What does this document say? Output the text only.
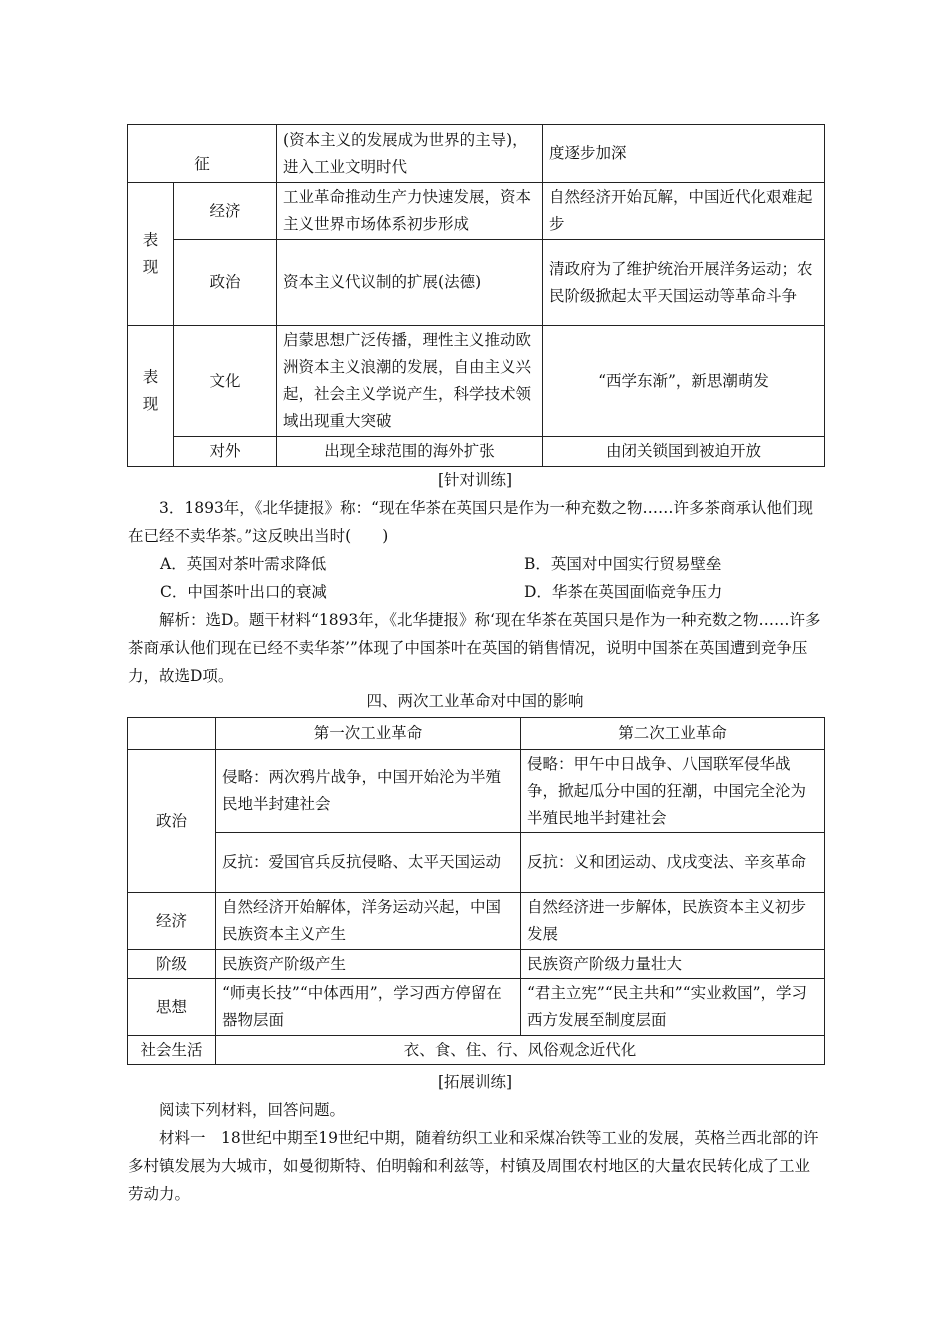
征		(资本主义的发展成为世界的主导)，进入工业文明时代	度逐步加深
表现	经济	工业革命推动生产力快速发展，资本主义世界市场体系初步形成	自然经济开始瓦解，中国近代化艰难起步
	政治	资本主义代议制的扩展(法德)	清政府为了维护统治开展洋务运动；农民阶级掀起太平天国运动等革命斗争
表现	文化	启蒙思想广泛传播，理性主义推动欧洲资本主义浪潮的发展，自由主义兴起，社会主义学说产生，科学技术领域出现重大突破	“西学东渐”，新思潮萌发
	对外	出现全球范围的海外扩张	由闭关锁国到被迫开放
[针对训练]
3．1893年，《北华捷报》称：“现在华茶在英国只是作为一种充数之物……许多茶商承认他们现在已经不卖华茶。”这反映出当时(　　)
A．英国对茶叶需求降低	B．英国对中国实行贸易壁垒
C．中国茶叶出口的衰减	D．华茶在英国面临竞争压力
解析：选D。题干材料“1893年，《北华捷报》称‘现在华茶在英国只是作为一种充数之物……许多茶商承认他们现在已经不卖华茶’”体现了中国茶叶在英国的销售情况，说明中国茶在英国遭到竞争压力，故选D项。
四、两次工业革命对中国的影响
	第一次工业革命	第二次工业革命
政治	侵略：两次鸦片战争，中国开始沦为半殖民地半封建社会	侵略：甲午中日战争、八国联军侵华战争，掀起瓜分中国的狂潮，中国完全沦为半殖民地半封建社会
	反抗：爱国官兵反抗侵略、太平天国运动	反抗：义和团运动、戊戌变法、辛亥革命
经济	自然经济开始解体，洋务运动兴起，中国民族资本主义产生	自然经济进一步解体，民族资本主义初步发展
阶级	民族资产阶级产生	民族资产阶级力量壮大
思想	“师夷长技”“中体西用”，学习西方停留在器物层面	“君主立宪”“民主共和”“实业救国”，学习西方发展至制度层面
社会生活	衣、食、住、行、风俗观念近代化	
[拓展训练]
阅读下列材料，回答问题。
材料一　18世纪中期至19世纪中期，随着纺织工业和采煤冶铁等工业的发展，英格兰西北部的许多村镇发展为大城市，如曼彻斯特、伯明翰和利兹等，村镇及周围农村地区的大量农民转化成了工业劳动力。
